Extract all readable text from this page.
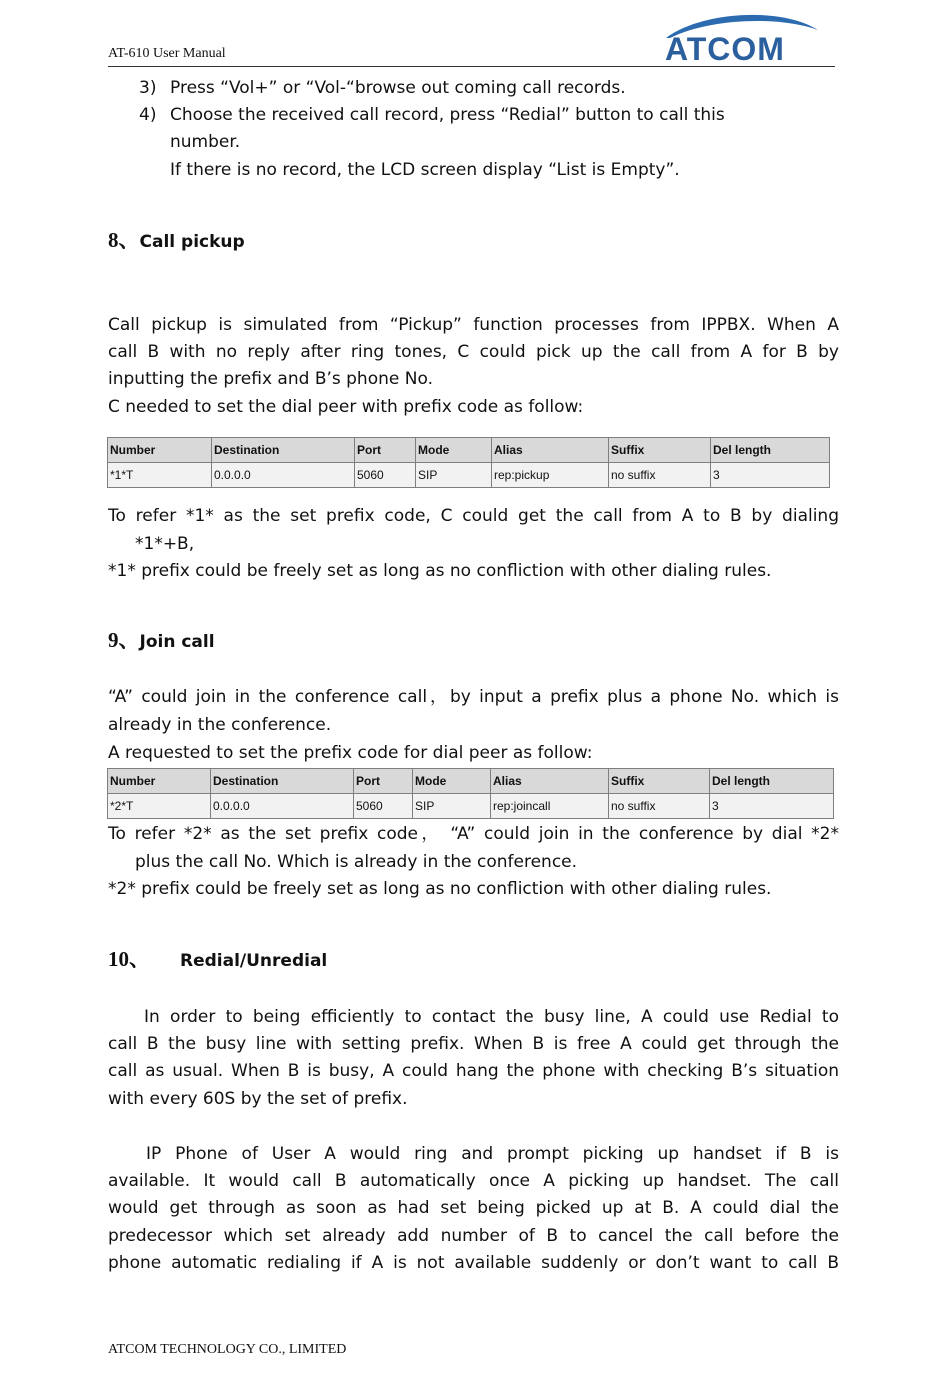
AT-610 User Manual	ATCOM
3) Press “Vol+” or “Vol-“browse out coming call records.
4) Choose the received call record, press “Redial” button to call this
number.
If there is no record, the LCD screen display “List is Empty”.
8、Call pickup
Call pickup is simulated from “Pickup” function processes from IPPBX. When A
call B with no reply after ring tones, C could pick up the call from A for B by
inputting the prefix and B’s phone No.
C needed to set the dial peer with prefix code as follow:
Number	Destination	Port	Mode	Alias	Suffix	Del length
*1*T	0.0.0.0	5060	SIP	rep:pickup	no suffix	3
To refer *1* as the set prefix code, C could get the call from A to B by dialing
*1*+B,
*1* prefix could be freely set as long as no confliction with other dialing rules.
9、Join call
“A” could join in the conference call，by input a prefix plus a phone No. which is
already in the conference.
A requested to set the prefix code for dial peer as follow:
Number	Destination	Port	Mode	Alias	Suffix	Del length
*2*T	0.0.0.0	5060	SIP	rep:joincall	no suffix	3
To refer *2* as the set prefix code， “A” could join in the conference by dial *2*
plus the call No. Which is already in the conference.
*2* prefix could be freely set as long as no confliction with other dialing rules.
10、 Redial/Unredial
In order to being efficiently to contact the busy line, A could use Redial to
call B the busy line with setting prefix. When B is free A could get through the
call as usual. When B is busy, A could hang the phone with checking B’s situation
with every 60S by the set of prefix.
IP Phone of User A would ring and prompt picking up handset if B is
available. It would call B automatically once A picking up handset. The call
would get through as soon as had set being picked up at B. A could dial the
predecessor which set already add number of B to cancel the call before the
phone automatic redialing if A is not available suddenly or don’t want to call B
ATCOM TECHNOLOGY CO., LIMITED
